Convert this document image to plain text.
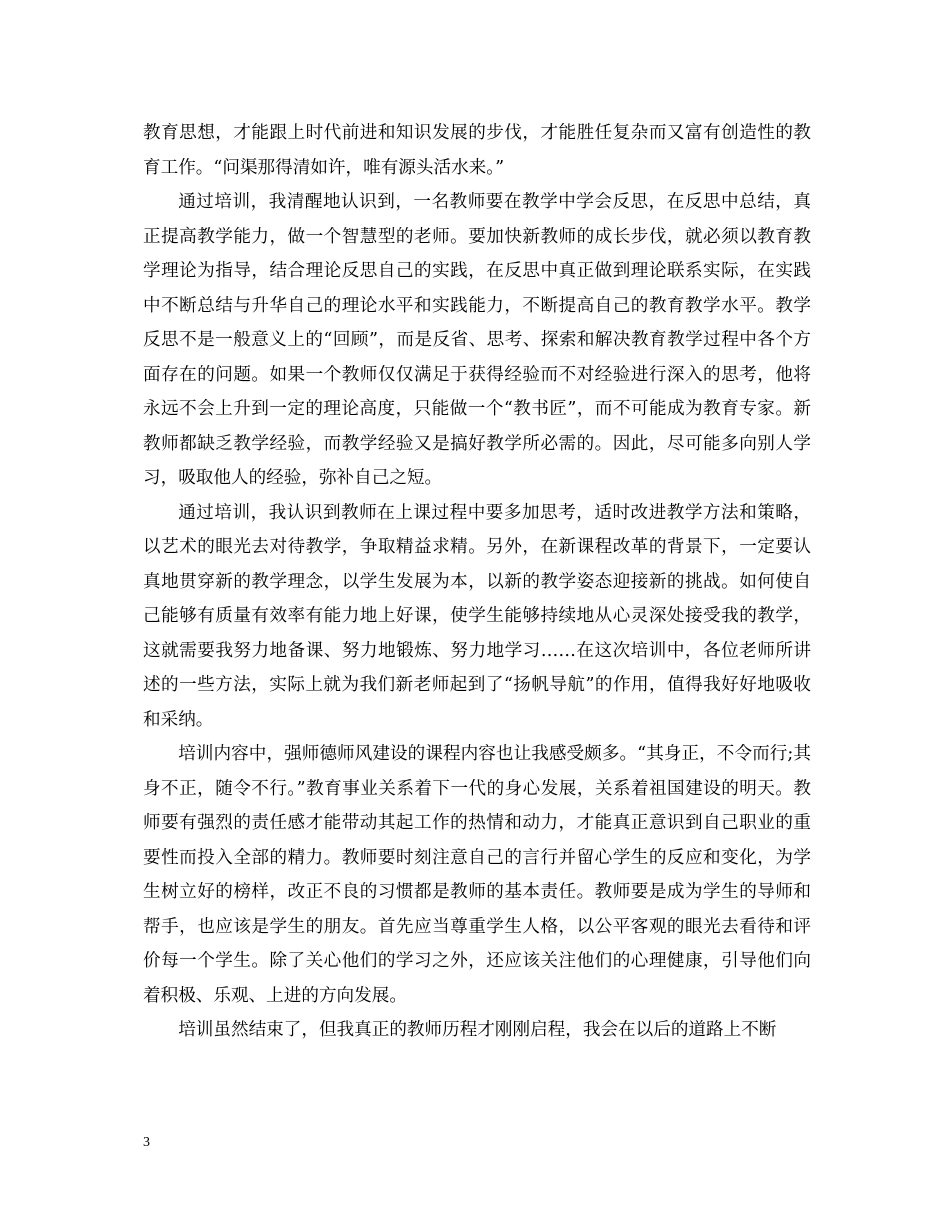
教育思想，才能跟上时代前进和知识发展的步伐，才能胜任复杂而又富有创造性的教育工作。“问渠那得清如许，唯有源头活水来。”

通过培训，我清醒地认识到，一名教师要在教学中学会反思，在反思中总结，真正提高教学能力，做一个智慧型的老师。要加快新教师的成长步伐，就必须以教育教学理论为指导，结合理论反思自己的实践，在反思中真正做到理论联系实际，在实践中不断总结与升华自己的理论水平和实践能力，不断提高自己的教育教学水平。教学反思不是一般意义上的“回顾”，而是反省、思考、探索和解决教育教学过程中各个方面存在的问题。如果一个教师仅仅满足于获得经验而不对经验进行深入的思考，他将永远不会上升到一定的理论高度，只能做一个“教书匠”，而不可能成为教育专家。新教师都缺乏教学经验，而教学经验又是搞好教学所必需的。因此，尽可能多向别人学习，吸取他人的经验，弥补自己之短。

通过培训，我认识到教师在上课过程中要多加思考，适时改进教学方法和策略，以艺术的眼光去对待教学，争取精益求精。另外，在新课程改革的背景下，一定要认真地贯穿新的教学理念，以学生发展为本，以新的教学姿态迎接新的挑战。如何使自己能够有质量有效率有能力地上好课，使学生能够持续地从心灵深处接受我的教学，这就需要我努力地备课、努力地锻炼、努力地学习……在这次培训中，各位老师所讲述的一些方法，实际上就为我们新老师起到了“扬帆导航”的作用，值得我好好地吸收和采纳。

培训内容中，强师德师风建设的课程内容也让我感受颇多。“其身正，不令而行;其身不正，随令不行。”教育事业关系着下一代的身心发展，关系着祖国建设的明天。教师要有强烈的责任感才能带动其起工作的热情和动力，才能真正意识到自己职业的重要性而投入全部的精力。教师要时刻注意自己的言行并留心学生的反应和变化，为学生树立好的榜样，改正不良的习惯都是教师的基本责任。教师要是成为学生的导师和帮手，也应该是学生的朋友。首先应当尊重学生人格，以公平客观的眼光去看待和评价每一个学生。除了关心他们的学习之外，还应该关注他们的心理健康，引导他们向着积极、乐观、上进的方向发展。

培训虽然结束了，但我真正的教师历程才刚刚启程，我会在以后的道路上不断

3
